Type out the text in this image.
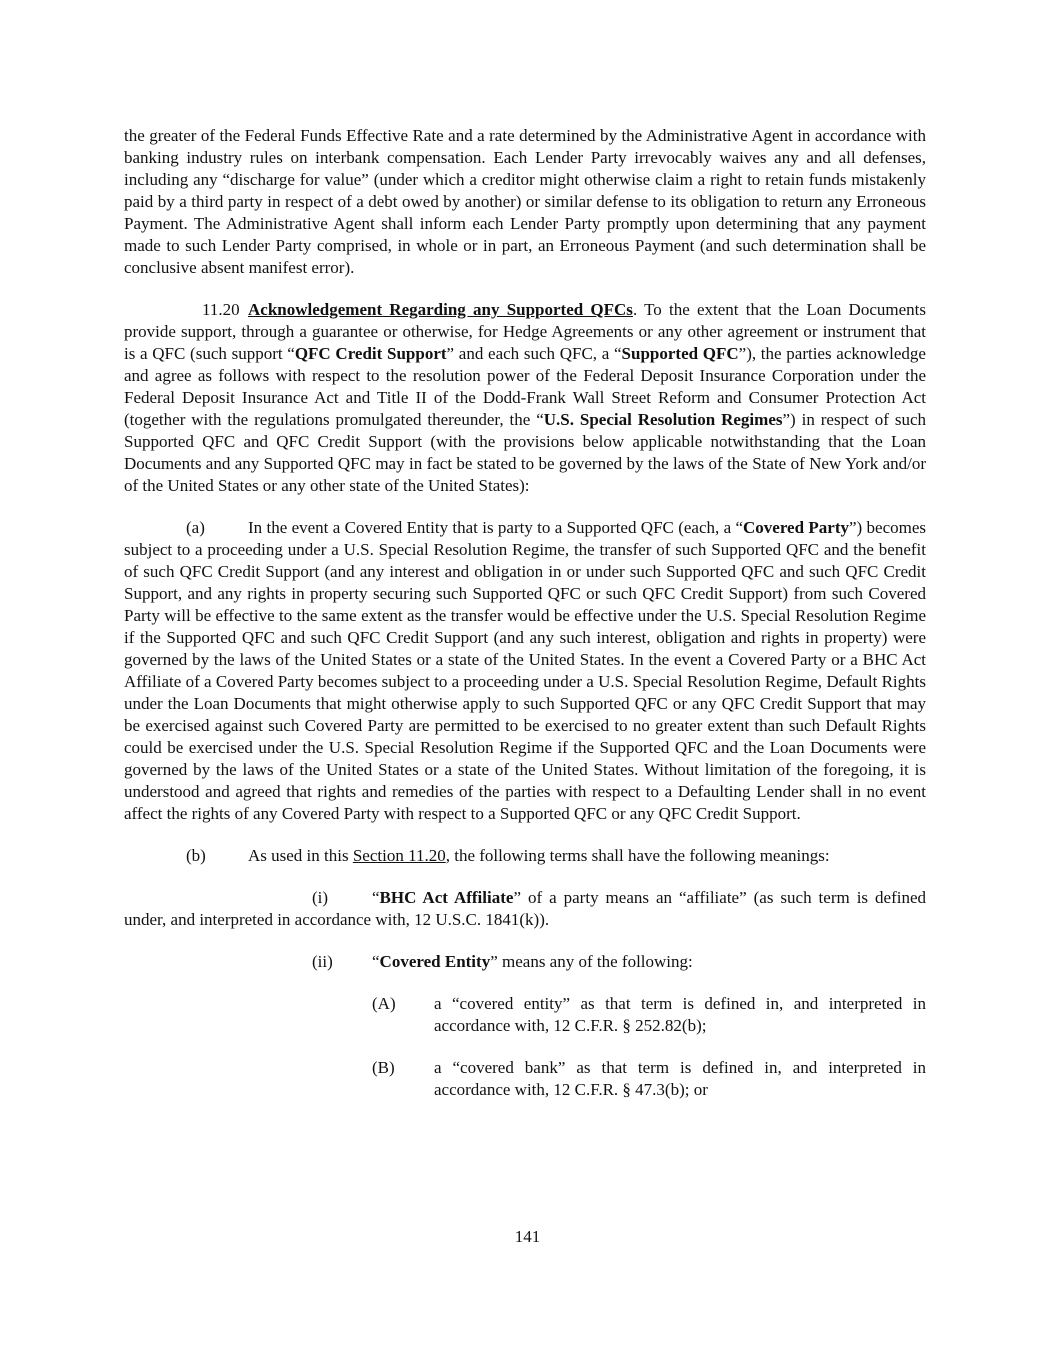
the greater of the Federal Funds Effective Rate and a rate determined by the Administrative Agent in accordance with banking industry rules on interbank compensation. Each Lender Party irrevocably waives any and all defenses, including any “discharge for value” (under which a creditor might otherwise claim a right to retain funds mistakenly paid by a third party in respect of a debt owed by another) or similar defense to its obligation to return any Erroneous Payment. The Administrative Agent shall inform each Lender Party promptly upon determining that any payment made to such Lender Party comprised, in whole or in part, an Erroneous Payment (and such determination shall be conclusive absent manifest error).

11.20 Acknowledgement Regarding any Supported QFCs. To the extent that the Loan Documents provide support, through a guarantee or otherwise, for Hedge Agreements or any other agreement or instrument that is a QFC (such support “QFC Credit Support” and each such QFC, a “Supported QFC”), the parties acknowledge and agree as follows with respect to the resolution power of the Federal Deposit Insurance Corporation under the Federal Deposit Insurance Act and Title II of the Dodd-Frank Wall Street Reform and Consumer Protection Act (together with the regulations promulgated thereunder, the “U.S. Special Resolution Regimes”) in respect of such Supported QFC and QFC Credit Support (with the provisions below applicable notwithstanding that the Loan Documents and any Supported QFC may in fact be stated to be governed by the laws of the State of New York and/or of the United States or any other state of the United States):

(a)	In the event a Covered Entity that is party to a Supported QFC (each, a “Covered Party”) becomes subject to a proceeding under a U.S. Special Resolution Regime, the transfer of such Supported QFC and the benefit of such QFC Credit Support (and any interest and obligation in or under such Supported QFC and such QFC Credit Support, and any rights in property securing such Supported QFC or such QFC Credit Support) from such Covered Party will be effective to the same extent as the transfer would be effective under the U.S. Special Resolution Regime if the Supported QFC and such QFC Credit Support (and any such interest, obligation and rights in property) were governed by the laws of the United States or a state of the United States. In the event a Covered Party or a BHC Act Affiliate of a Covered Party becomes subject to a proceeding under a U.S. Special Resolution Regime, Default Rights under the Loan Documents that might otherwise apply to such Supported QFC or any QFC Credit Support that may be exercised against such Covered Party are permitted to be exercised to no greater extent than such Default Rights could be exercised under the U.S. Special Resolution Regime if the Supported QFC and the Loan Documents were governed by the laws of the United States or a state of the United States. Without limitation of the foregoing, it is understood and agreed that rights and remedies of the parties with respect to a Defaulting Lender shall in no event affect the rights of any Covered Party with respect to a Supported QFC or any QFC Credit Support.

(b) As used in this Section 11.20, the following terms shall have the following meanings:

(i)	“BHC Act Affiliate” of a party means an “affiliate” (as such term is defined under, and interpreted in accordance with, 12 U.S.C. 1841(k)).

(ii) “Covered Entity” means any of the following:

(A)	a “covered entity” as that term is defined in, and interpreted in accordance with, 12 C.F.R. § 252.82(b);

(B)	a “covered bank” as that term is defined in, and interpreted in accordance with, 12 C.F.R. § 47.3(b); or

141
